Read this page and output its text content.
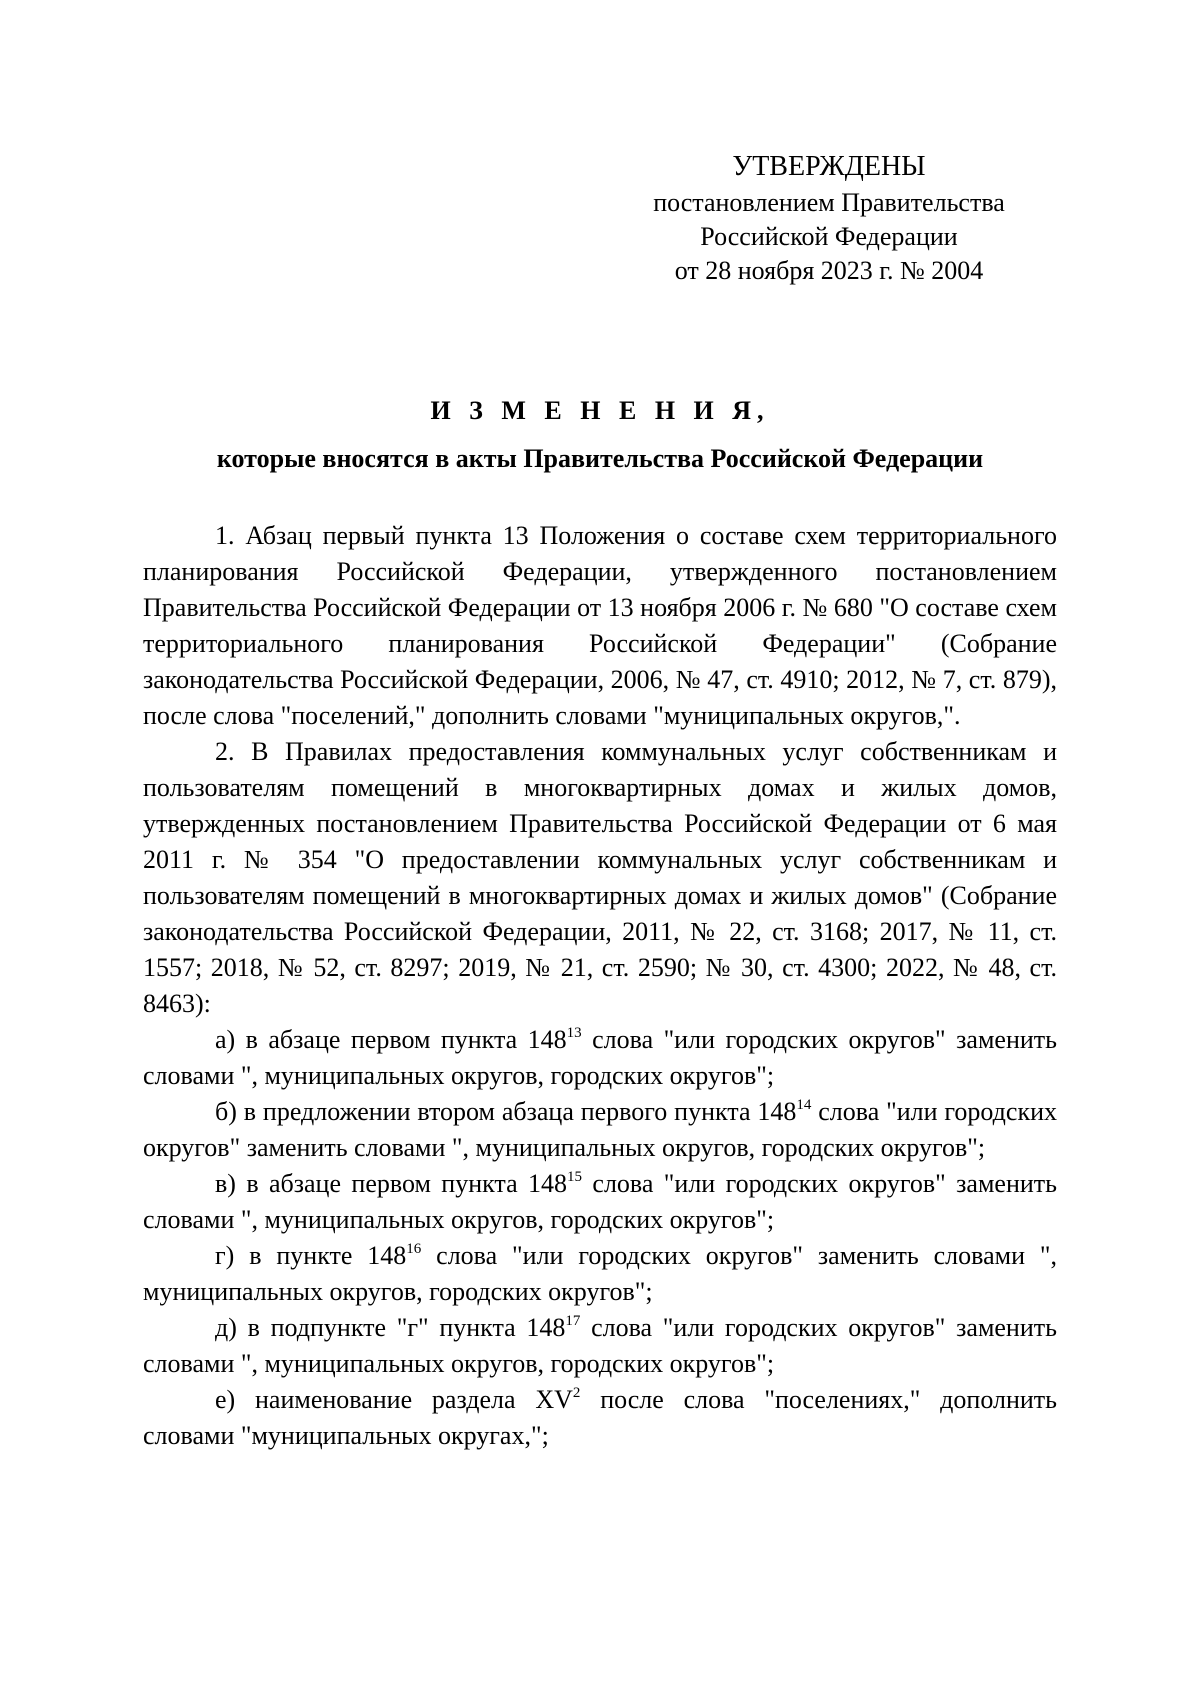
УТВЕРЖДЕНЫ
постановлением Правительства
Российской Федерации
от 28 ноября 2023 г. № 2004
И З М Е Н Е Н И Я,
которые вносятся в акты Правительства Российской Федерации

1. Абзац первый пункта 13 Положения о составе схем территориального планирования Российской Федерации, утвержденного постановлением Правительства Российской Федерации от 13 ноября 2006 г. № 680 "О составе схем территориального планирования Российской Федерации" (Собрание законодательства Российской Федерации, 2006, № 47, ст. 4910; 2012, № 7, ст. 879), после слова "поселений," дополнить словами "муниципальных округов,".

2. В Правилах предоставления коммунальных услуг собственникам и пользователям помещений в многоквартирных домах и жилых домов, утвержденных постановлением Правительства Российской Федерации от 6 мая 2011 г. № 354 "О предоставлении коммунальных услуг собственникам и пользователям помещений в многоквартирных домах и жилых домов" (Собрание законодательства Российской Федерации, 2011, № 22, ст. 3168; 2017, № 11, ст. 1557; 2018, № 52, ст. 8297; 2019, № 21, ст. 2590; № 30, ст. 4300; 2022, № 48, ст. 8463):

а) в абзаце первом пункта $148^{13}$ слова "или городских округов" заменить словами ", муниципальных округов, городских округов";

б) в предложении втором абзаца первого пункта $148^{14}$ слова "или городских округов" заменить словами ", муниципальных округов, городских округов";

в) в абзаце первом пункта $148^{15}$ слова "или городских округов" заменить словами ", муниципальных округов, городских округов";

г) в пункте $148^{16}$ слова "или городских округов" заменить словами ", муниципальных округов, городских округов";

д) в подпункте "г" пункта $148^{17}$ слова "или городских округов" заменить словами ", муниципальных округов, городских округов";

е) наименование раздела $XV^2$ после слова "поселениях," дополнить словами "муниципальных округах,";
